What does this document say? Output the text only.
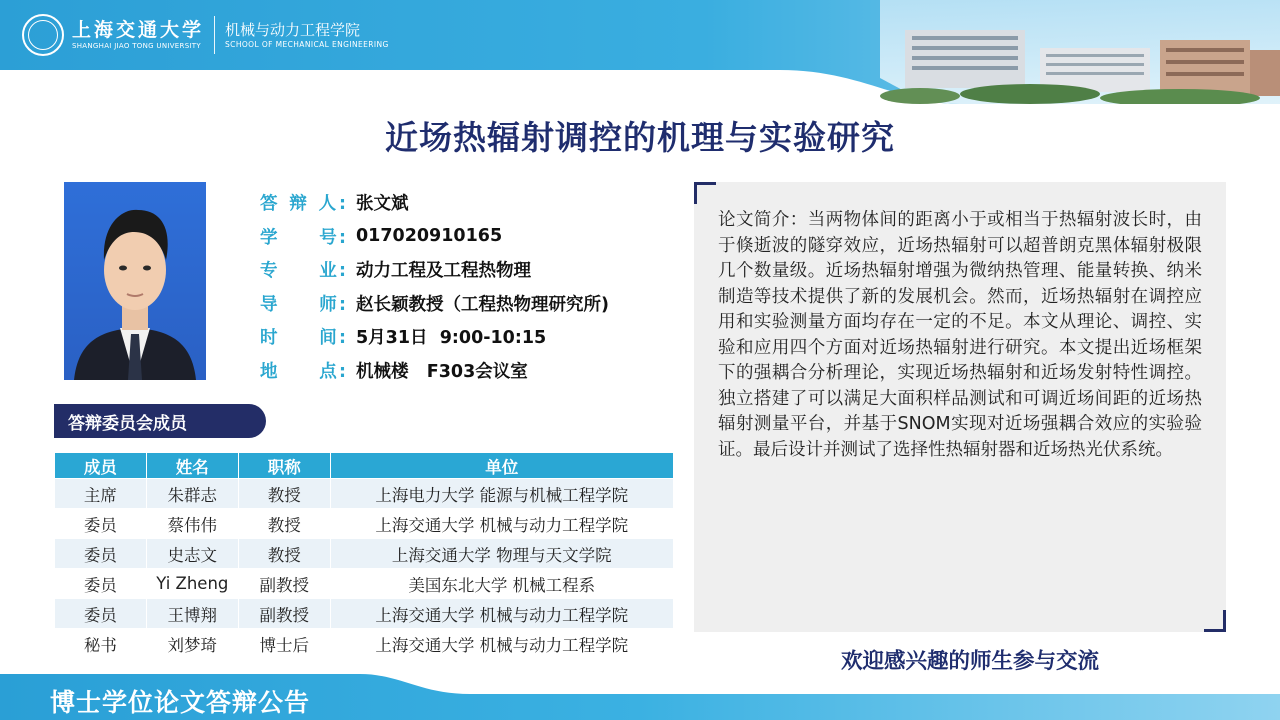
上海交通大学
SHANGHAI JIAO TONG UNIVERSITY
机械与动力工程学院
SCHOOL OF MECHANICAL ENGINEERING
近场热辐射调控的机理与实验研究
答 辩 人: 张文斌
学　　号: 017020910165
专　　业: 动力工程及工程热物理
导　　师: 赵长颖教授（工程热物理研究所)
时　　间: 5月31日  9:00-10:15
地　　点: 机械楼   F303会议室
答辩委员会成员
成员	姓名	职称	单位
主席	朱群志	教授	上海电力大学 能源与机械工程学院
委员	蔡伟伟	教授	上海交通大学 机械与动力工程学院
委员	史志文	教授	上海交通大学 物理与天文学院
委员	Yi Zheng	副教授	美国东北大学 机械工程系
委员	王博翔	副教授	上海交通大学 机械与动力工程学院
秘书	刘梦琦	博士后	上海交通大学 机械与动力工程学院
论文简介：当两物体间的距离小于或相当于热辐射波长时，由于倏逝波的隧穿效应，近场热辐射可以超普朗克黑体辐射极限几个数量级。近场热辐射增强为微纳热管理、能量转换、纳米制造等技术提供了新的发展机会。然而，近场热辐射在调控应用和实验测量方面均存在一定的不足。本文从理论、调控、实验和应用四个方面对近场热辐射进行研究。本文提出近场框架下的强耦合分析理论，实现近场热辐射和近场发射特性调控。独立搭建了可以满足大面积样品测试和可调近场间距的近场热辐射测量平台，并基于SNOM实现对近场强耦合效应的实验验证。最后设计并测试了选择性热辐射器和近场热光伏系统。
欢迎感兴趣的师生参与交流
博士学位论文答辩公告
